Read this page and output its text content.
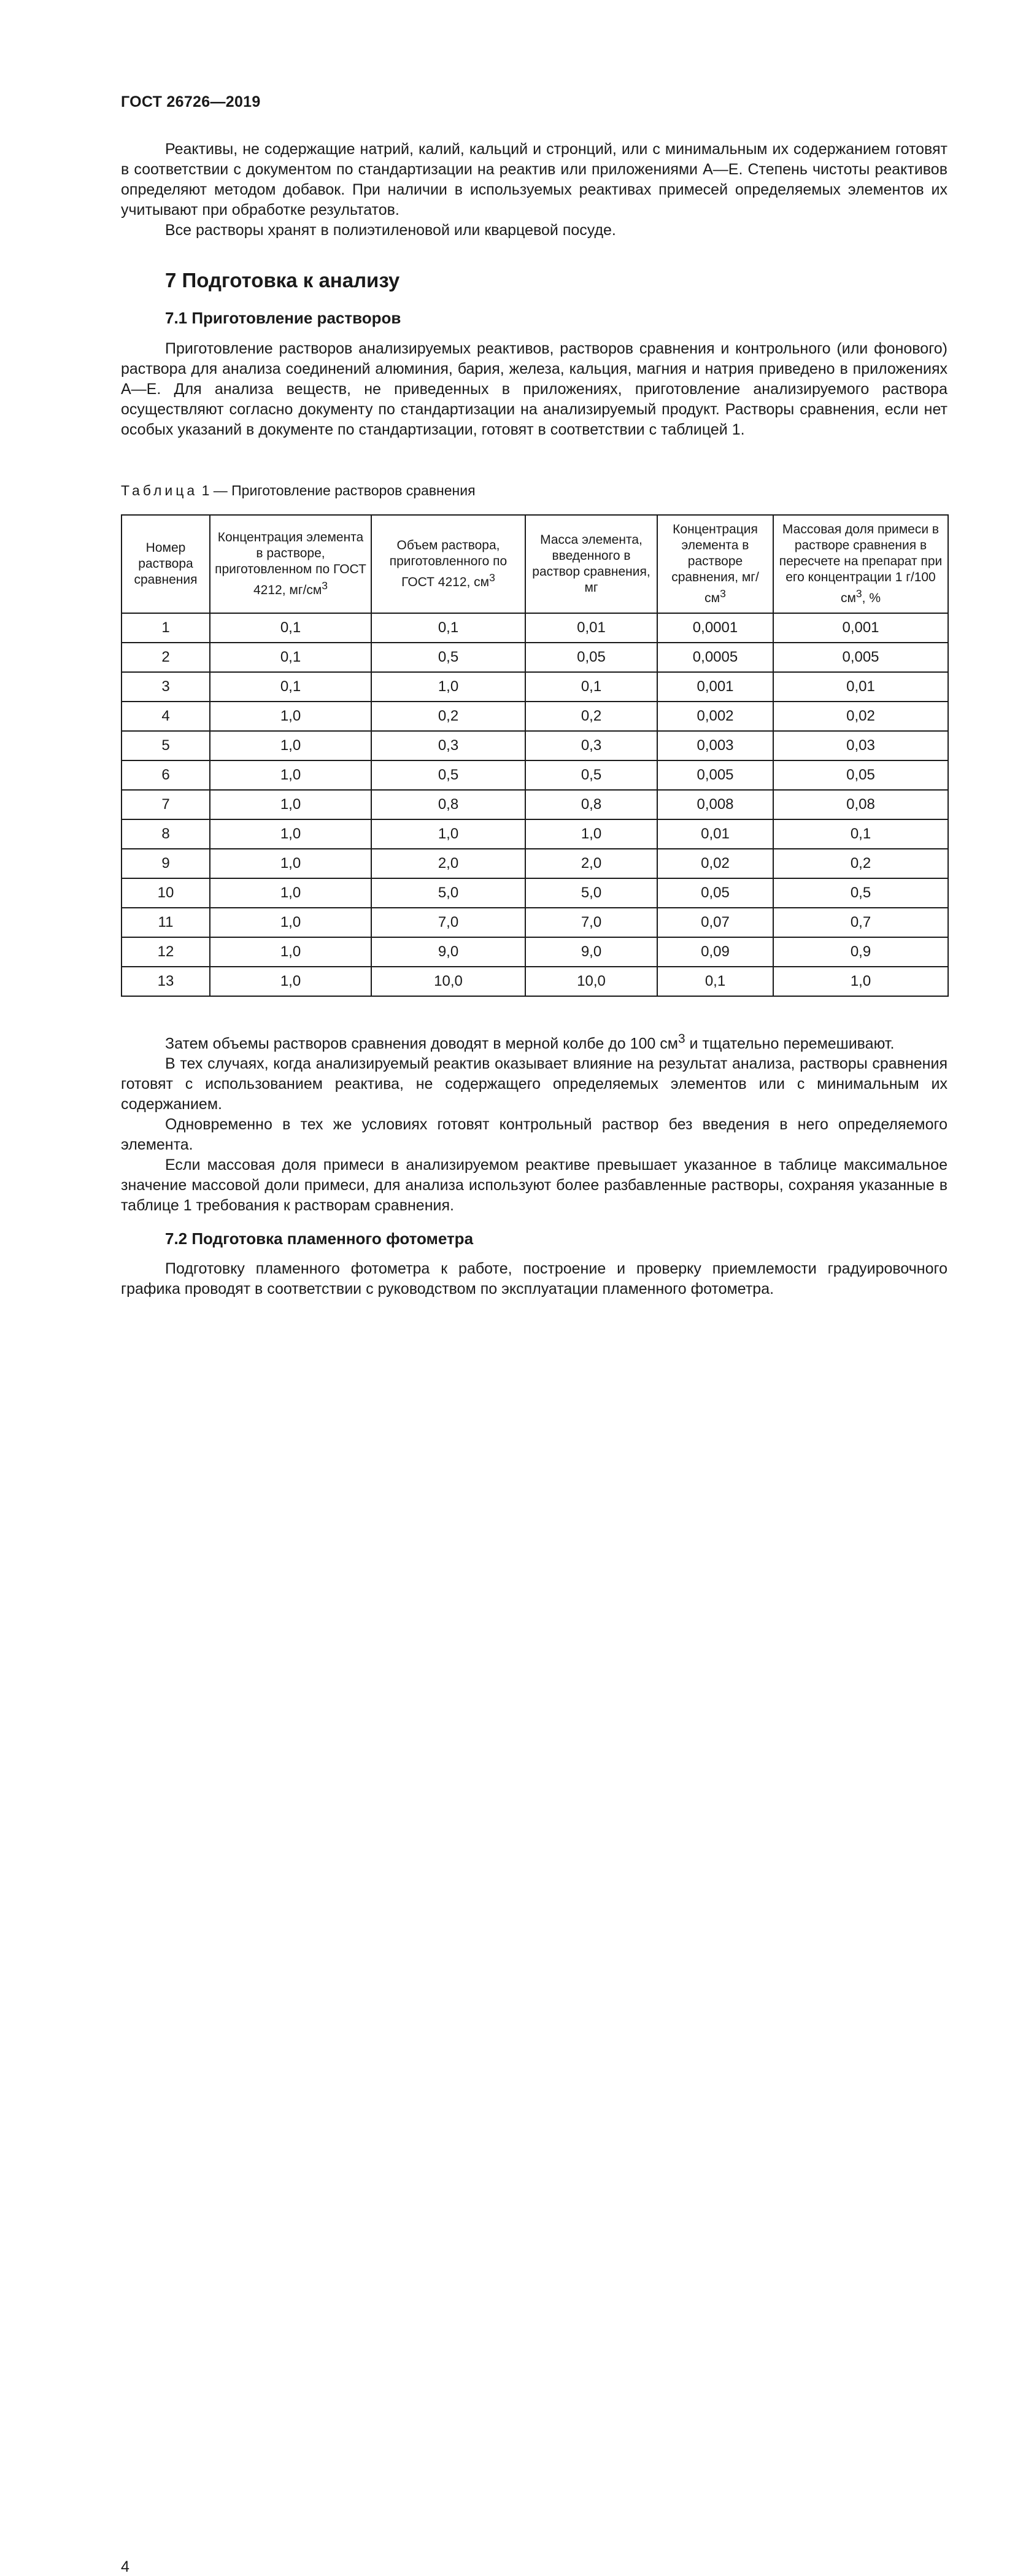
ГОСТ 26726—2019

Реактивы, не содержащие натрий, калий, кальций и стронций, или с минимальным их содержанием готовят в соответствии с документом по стандартизации на реактив или приложениями А—Е. Степень чистоты реактивов определяют методом добавок. При наличии в используемых реактивах примесей определяемых элементов их учитывают при обработке результатов.

Все растворы хранят в полиэтиленовой или кварцевой посуде.

7 Подготовка к анализу
7.1 Приготовление растворов

Приготовление растворов анализируемых реактивов, растворов сравнения и контрольного (или фонового) раствора для анализа соединений алюминия, бария, железа, кальция, магния и натрия приведено в приложениях А—Е. Для анализа веществ, не приведенных в приложениях, приготовление анализируемого раствора осуществляют согласно документу по стандартизации на анализируемый продукт. Растворы сравнения, если нет особых указаний в документе по стандартизации, готовят в соответствии с таблицей 1.

Таблица 1 — Приготовление растворов сравнения
Номер раствора сравнения	Концентрация элемента в растворе, приготовленном по ГОСТ 4212, $мг/см^3$	Объем раствора, приготовленного по ГОСТ 4212, $см^3$	Масса элемента, введенного в раствор сравнения, мг	Концентрация элемента в растворе сравнения, $мг/см^3$	Массовая доля примеси в растворе сравнения в пересчете на препарат при его концентрации 1 г/100 $см^3$, %
1	0,1	0,1	0,01	0,0001	0,001
2	0,1	0,5	0,05	0,0005	0,005
3	0,1	1,0	0,1	0,001	0,01
4	1,0	0,2	0,2	0,002	0,02
5	1,0	0,3	0,3	0,003	0,03
6	1,0	0,5	0,5	0,005	0,05
7	1,0	0,8	0,8	0,008	0,08
8	1,0	1,0	1,0	0,01	0,1
9	1,0	2,0	2,0	0,02	0,2
10	1,0	5,0	5,0	0,05	0,5
11	1,0	7,0	7,0	0,07	0,7
12	1,0	9,0	9,0	0,09	0,9
13	1,0	10,0	10,0	0,1	1,0

Затем объемы растворов сравнения доводят в мерной колбе до 100 $см^3$ и тщательно перемешивают.

В тех случаях, когда анализируемый реактив оказывает влияние на результат анализа, растворы сравнения готовят с использованием реактива, не содержащего определяемых элементов или с минимальным их содержанием.

Одновременно в тех же условиях готовят контрольный раствор без введения в него определяемого элемента.

Если массовая доля примеси в анализируемом реактиве превышает указанное в таблице максимальное значение массовой доли примеси, для анализа используют более разбавленные растворы, сохраняя указанные в таблице 1 требования к растворам сравнения.

7.2 Подготовка пламенного фотометра

Подготовку пламенного фотометра к работе, построение и проверку приемлемости градуировочного графика проводят в соответствии с руководством по эксплуатации пламенного фотометра.

4
